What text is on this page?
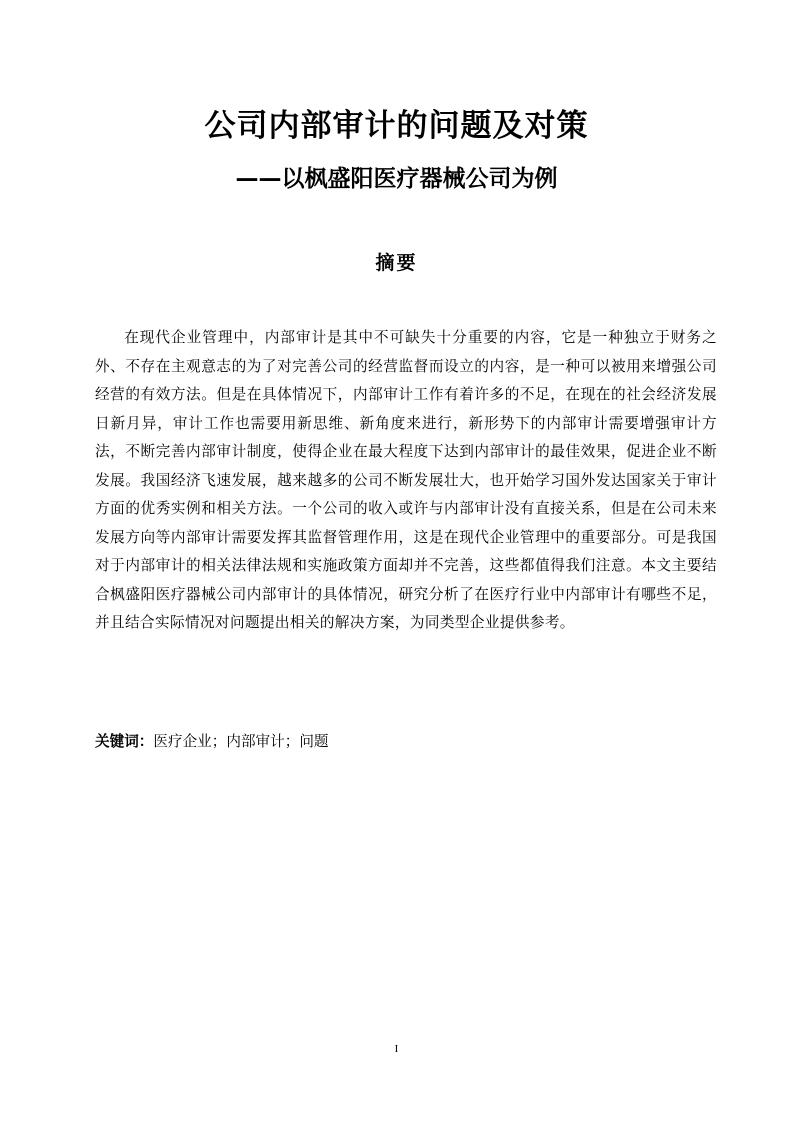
公司内部审计的问题及对策
——以枫盛阳医疗器械公司为例
摘要

在现代企业管理中，内部审计是其中不可缺失十分重要的内容，它是一种独立于财务之外、不存在主观意志的为了对完善公司的经营监督而设立的内容，是一种可以被用来增强公司经营的有效方法。但是在具体情况下，内部审计工作有着许多的不足，在现在的社会经济发展日新月异，审计工作也需要用新思维、新角度来进行，新形势下的内部审计需要增强审计方法，不断完善内部审计制度，使得企业在最大程度下达到内部审计的最佳效果，促进企业不断发展。我国经济飞速发展，越来越多的公司不断发展壮大，也开始学习国外发达国家关于审计方面的优秀实例和相关方法。一个公司的收入或许与内部审计没有直接关系，但是在公司未来发展方向等内部审计需要发挥其监督管理作用，这是在现代企业管理中的重要部分。可是我国对于内部审计的相关法律法规和实施政策方面却并不完善，这些都值得我们注意。本文主要结合枫盛阳医疗器械公司内部审计的具体情况，研究分析了在医疗行业中内部审计有哪些不足，并且结合实际情况对问题提出相关的解决方案，为同类型企业提供参考。

关键词：医疗企业；内部审计；问题
I
